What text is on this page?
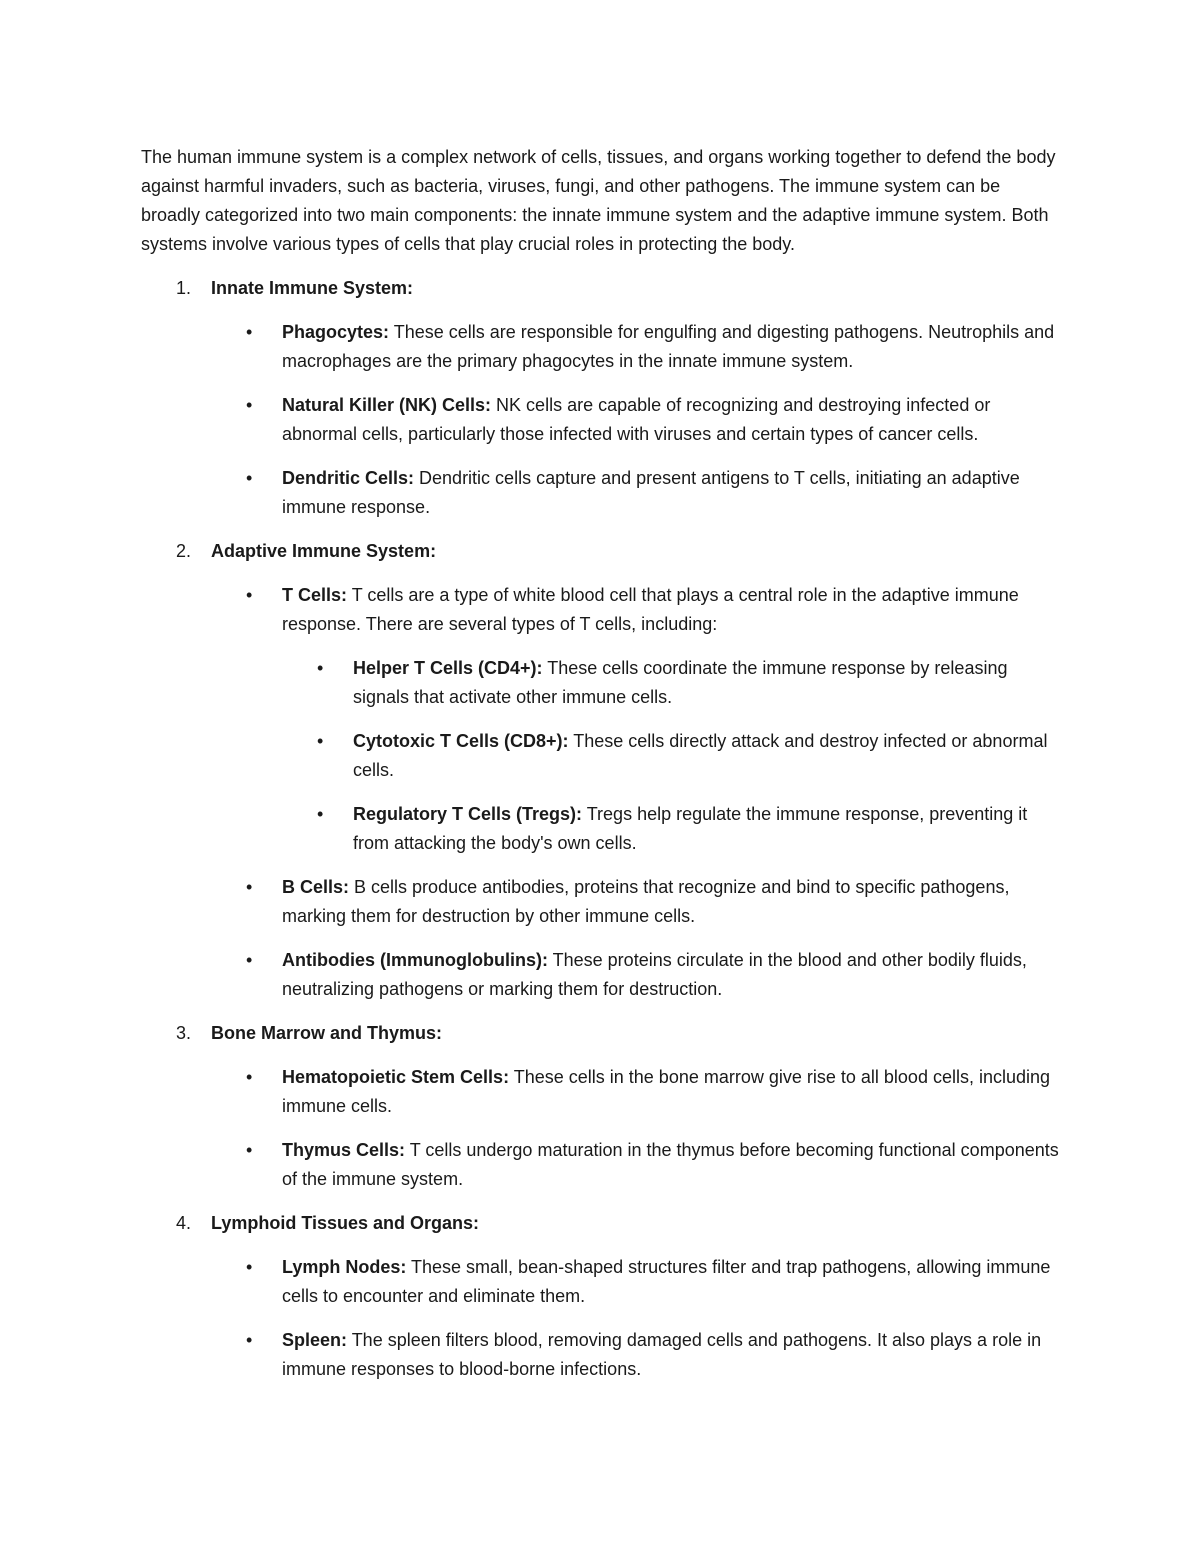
The human immune system is a complex network of cells, tissues, and organs working together to defend the body against harmful invaders, such as bacteria, viruses, fungi, and other pathogens. The immune system can be broadly categorized into two main components: the innate immune system and the adaptive immune system. Both systems involve various types of cells that play crucial roles in protecting the body.

1. Innate Immune System:
• Phagocytes: These cells are responsible for engulfing and digesting pathogens. Neutrophils and macrophages are the primary phagocytes in the innate immune system.
• Natural Killer (NK) Cells: NK cells are capable of recognizing and destroying infected or abnormal cells, particularly those infected with viruses and certain types of cancer cells.
• Dendritic Cells: Dendritic cells capture and present antigens to T cells, initiating an adaptive immune response.
2. Adaptive Immune System:
• T Cells: T cells are a type of white blood cell that plays a central role in the adaptive immune response. There are several types of T cells, including:
• Helper T Cells (CD4+): These cells coordinate the immune response by releasing signals that activate other immune cells.
• Cytotoxic T Cells (CD8+): These cells directly attack and destroy infected or abnormal cells.
• Regulatory T Cells (Tregs): Tregs help regulate the immune response, preventing it from attacking the body's own cells.
• B Cells: B cells produce antibodies, proteins that recognize and bind to specific pathogens, marking them for destruction by other immune cells.
• Antibodies (Immunoglobulins): These proteins circulate in the blood and other bodily fluids, neutralizing pathogens or marking them for destruction.
3. Bone Marrow and Thymus:
• Hematopoietic Stem Cells: These cells in the bone marrow give rise to all blood cells, including immune cells.
• Thymus Cells: T cells undergo maturation in the thymus before becoming functional components of the immune system.
4. Lymphoid Tissues and Organs:
• Lymph Nodes: These small, bean-shaped structures filter and trap pathogens, allowing immune cells to encounter and eliminate them.
• Spleen: The spleen filters blood, removing damaged cells and pathogens. It also plays a role in immune responses to blood-borne infections.
